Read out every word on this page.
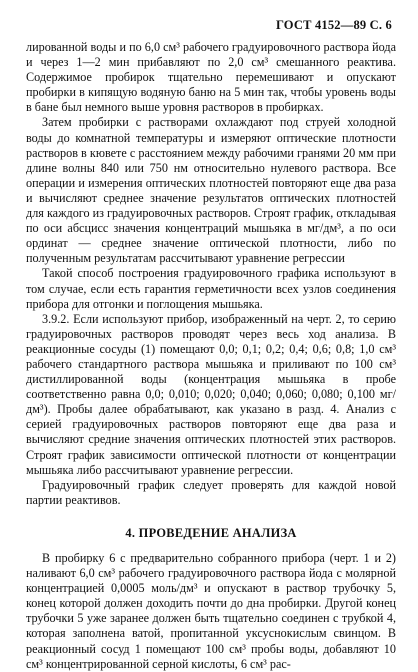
ГОСТ 4152—89 С. 6

лированной воды и по 6,0 см³ рабочего градуировочного раствора йода и через 1—2 мин прибавляют по 2,0 см³ смешанного реактива. Содержимое пробирок тщательно перемешивают и опускают пробирки в кипящую водяную баню на 5 мин так, чтобы уровень воды в бане был немного выше уровня растворов в пробирках.

Затем пробирки с растворами охлаждают под струей холодной воды до комнатной температуры и измеряют оптические плотности растворов в кювете с расстоянием между рабочими гранями 20 мм при длине волны 840 или 750 нм относительно нулевого раствора. Все операции и измерения оптических плотностей повторяют еще два раза и вычисляют среднее значение результатов оптических плотностей для каждого из градуировочных растворов. Строят график, откладывая по оси абсцисс значения концентраций мышьяка в мг/дм³, а по оси ординат — среднее значение оптической плотности, либо по полученным результатам рассчитывают уравнение регрессии

Такой способ построения градуировочного графика используют в том случае, если есть гарантия герметичности всех узлов соединения прибора для отгонки и поглощения мышьяка.

3.9.2. Если используют прибор, изображенный на черт. 2, то серию градуировочных растворов проводят через весь ход анализа. В реакционные сосуды (1) помещают 0,0; 0,1; 0,2; 0,4; 0,6; 0,8; 1,0 см³ рабочего стандартного раствора мышьяка и приливают по 100 см³ дистиллированной воды (концентрация мышьяка в пробе соответственно равна 0,0; 0,010; 0,020; 0,040; 0,060; 0,080; 0,100 мг/дм³). Пробы далее обрабатывают, как указано в разд. 4. Анализ с серией градуировочных растворов повторяют еще два раза и вычисляют средние значения оптических плотностей этих растворов. Строят график зависимости оптической плотности от концентрации мышьяка либо рассчитывают уравнение регрессии.

Градуировочный график следует проверять для каждой новой партии реактивов.

4. ПРОВЕДЕНИЕ АНАЛИЗА

В пробирку 6 с предварительно собранного прибора (черт. 1 и 2) наливают 6,0 см³ рабочего градуировочного раствора йода с молярной концентрацией 0,0005 моль/дм³ и опускают в раствор трубочку 5, конец которой должен доходить почти до дна пробирки. Другой конец трубочки 5 уже заранее должен быть тщательно соединен с трубкой 4, которая заполнена ватой, пропитанной уксуснокислым свинцом. В реакционный сосуд 1 помещают 100 см³ пробы воды, добавляют 10 см³ концентрированной серной кислоты, 6 см³ рас-
